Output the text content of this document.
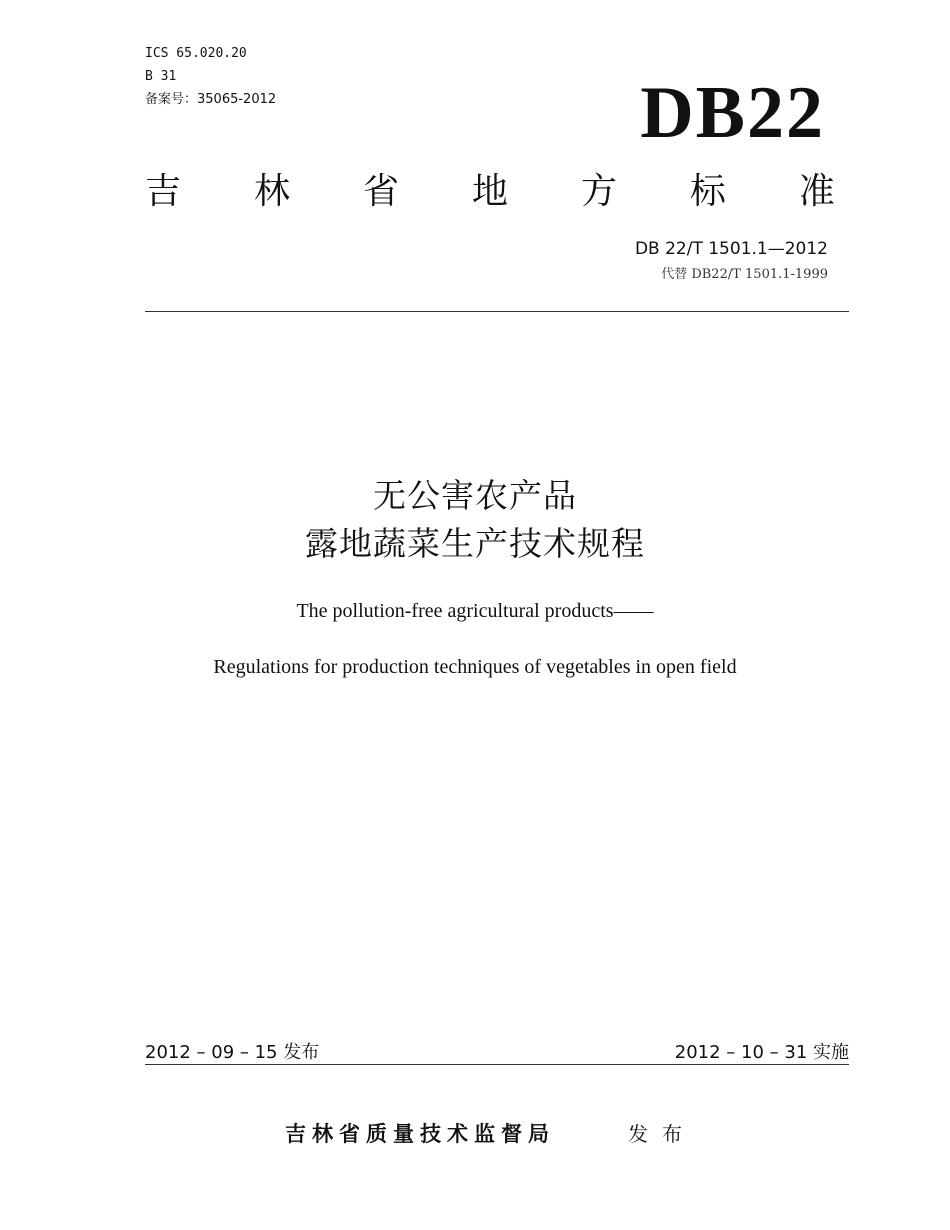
ICS 65.020.20
B 31
备案号：35065-2012	DB22
吉 林 省 地 方 标 准
DB 22/T 1501.1—2012
代替 DB22/T 1501.1-1999
无公害农产品
露地蔬菜生产技术规程
The pollution-free agricultural products——
Regulations for production techniques of vegetables in open field
2012 – 09 – 15 发布	2012 – 10 – 31 实施
吉林省质量技术监督局	发布
